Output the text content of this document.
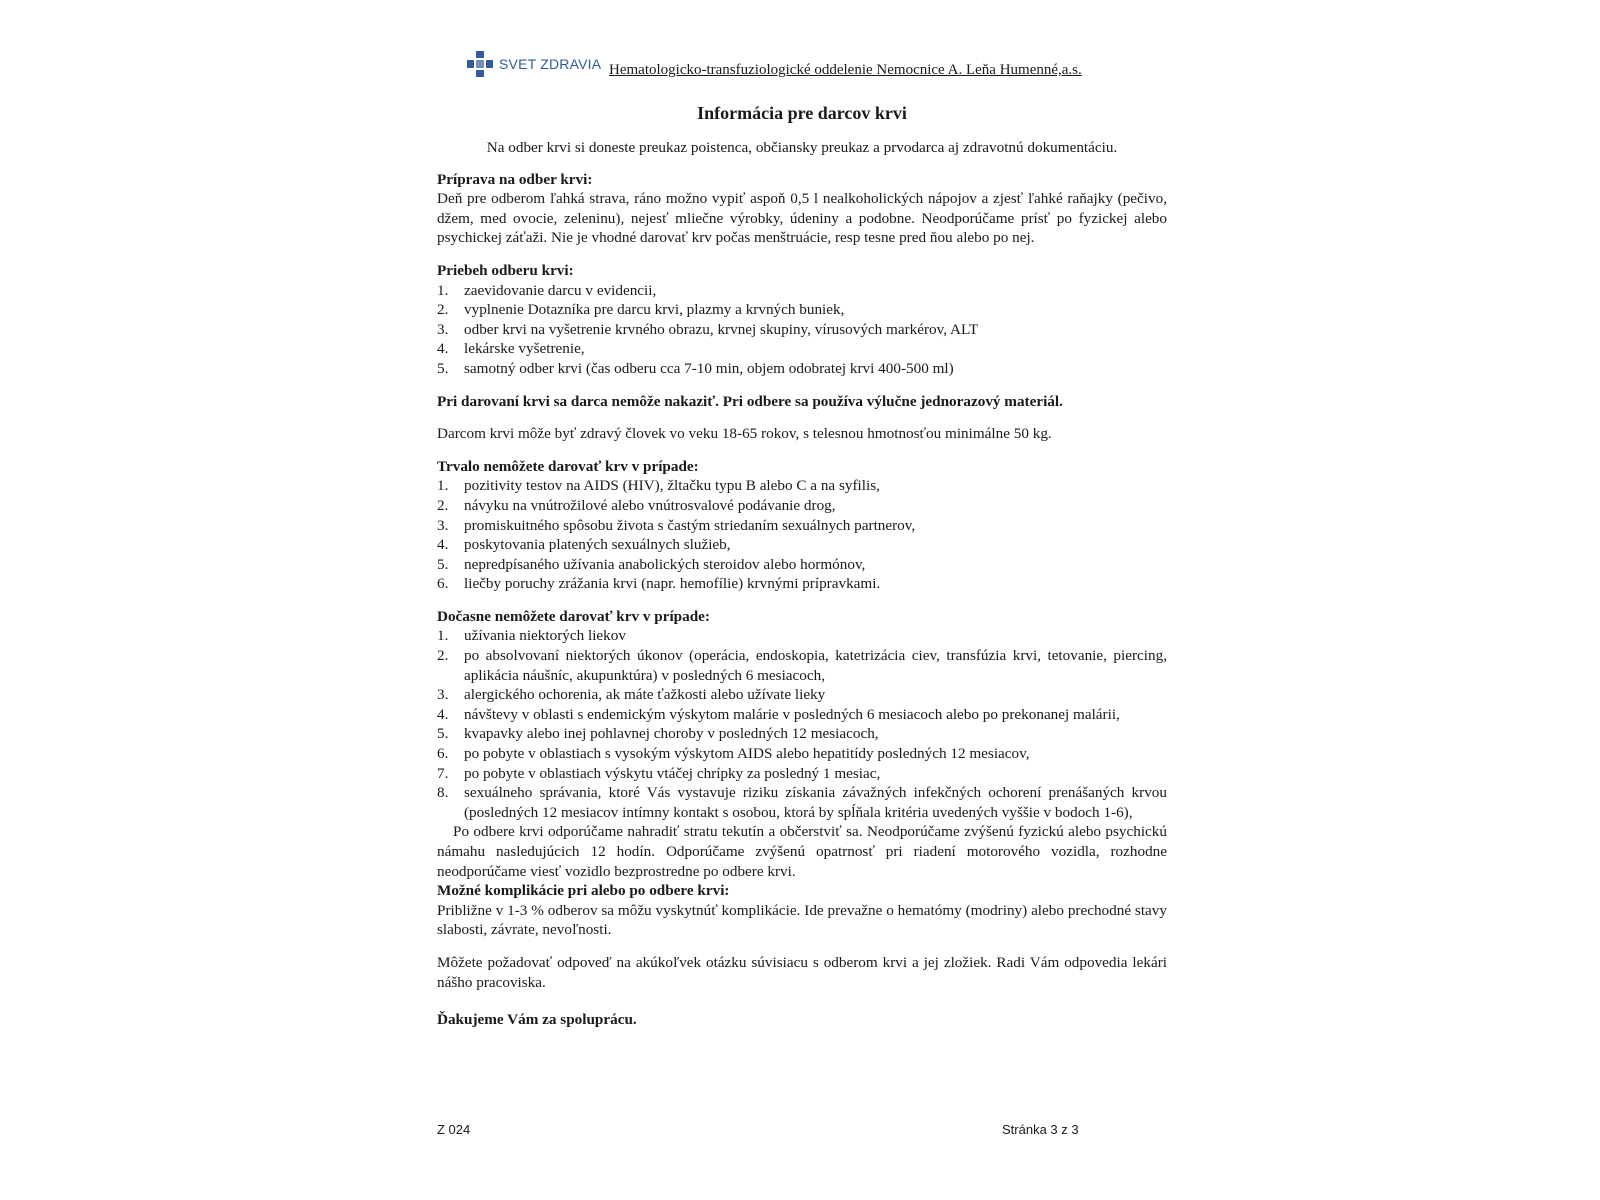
SVET ZDRAVIA Hematologicko-transfuziologické oddelenie Nemocnice A. Leňa Humenné,a.s.
Informácia pre darcov krvi

Na odber krvi si doneste preukaz poistenca, občiansky preukaz a prvodarca aj zdravotnú dokumentáciu.

Príprava na odber krvi:

Deň pre odberom ľahká strava, ráno možno vypiť aspoň 0,5 l nealkoholických nápojov a zjesť ľahké raňajky (pečivo, džem, med ovocie, zeleninu), nejesť mliečne výrobky, údeniny a podobne. Neodporúčame prísť po fyzickej alebo psychickej záťaži. Nie je vhodné darovať krv počas menštruácie, resp tesne pred ňou alebo po nej.

Priebeh odberu krvi:

1.	zaevidovanie darcu v evidencii,
2.	vyplnenie Dotazníka pre darcu krvi, plazmy a krvných buniek,
3.	odber krvi na vyšetrenie krvného obrazu, krvnej skupiny, vírusových markérov, ALT
4.	lekárske vyšetrenie,
5.	samotný odber krvi (čas odberu cca 7-10 min, objem odobratej krvi 400-500 ml)

Pri darovaní krvi sa darca nemôže nakaziť. Pri odbere sa používa výlučne jednorazový materiál.

Darcom krvi môže byť zdravý človek vo veku 18-65 rokov, s telesnou hmotnosťou minimálne 50 kg.

Trvalo nemôžete darovať krv v prípade:

1.	pozitivity testov na AIDS (HIV), žltačku typu B alebo C a na syfilis,
2.	návyku na vnútrožilové alebo vnútrosvalové podávanie drog,
3.	promiskuitného spôsobu života s častým striedaním sexuálnych partnerov,
4.	poskytovania platených sexuálnych služieb,
5.	nepredpísaného užívania anabolických steroidov alebo hormónov,
6.	liečby poruchy zrážania krvi (napr. hemofílie) krvnými prípravkami.

Dočasne nemôžete darovať krv v prípade:

1.	užívania niektorých liekov
2.	po absolvovaní niektorých úkonov (operácia, endoskopia, katetrizácia ciev, transfúzia krvi, tetovanie, piercing, aplikácia náušníc, akupunktúra) v posledných 6 mesiacoch,
3.	alergického ochorenia, ak máte ťažkosti alebo užívate lieky
4.	návštevy v oblasti s endemickým výskytom malárie v posledných 6 mesiacoch alebo po prekonanej malárii,
5.	kvapavky alebo inej pohlavnej choroby v posledných 12 mesiacoch,
6.	po pobyte v oblastiach s vysokým výskytom AIDS alebo hepatitídy posledných 12 mesiacov,
7.	po pobyte v oblastiach výskytu vtáčej chrípky za posledný 1 mesiac,
8.	sexuálneho správania, ktoré Vás vystavuje riziku získania závažných infekčných ochorení prenášaných krvou (posledných 12 mesiacov intímny kontakt s osobou, ktorá by spĺňala kritéria uvedených vyššie v bodoch 1-6),

Po odbere krvi odporúčame nahradiť stratu tekutín a občerstviť sa. Neodporúčame zvýšenú fyzickú alebo psychickú námahu nasledujúcich 12 hodín. Odporúčame zvýšenú opatrnosť pri riadení motorového vozidla, rozhodne neodporúčame viesť vozidlo bezprostredne po odbere krvi.

Možné komplikácie pri alebo po odbere krvi:

Približne v 1-3 % odberov sa môžu vyskytnúť komplikácie. Ide prevažne o hematómy (modriny) alebo prechodné stavy slabosti, závrate, nevoľnosti.

Môžete požadovať odpoveď na akúkoľvek otázku súvisiacu s odberom krvi a jej zložiek. Radi Vám odpovedia lekári nášho pracoviska.

Ďakujeme Vám za spoluprácu.

Z 024	Stránka 3 z 3
